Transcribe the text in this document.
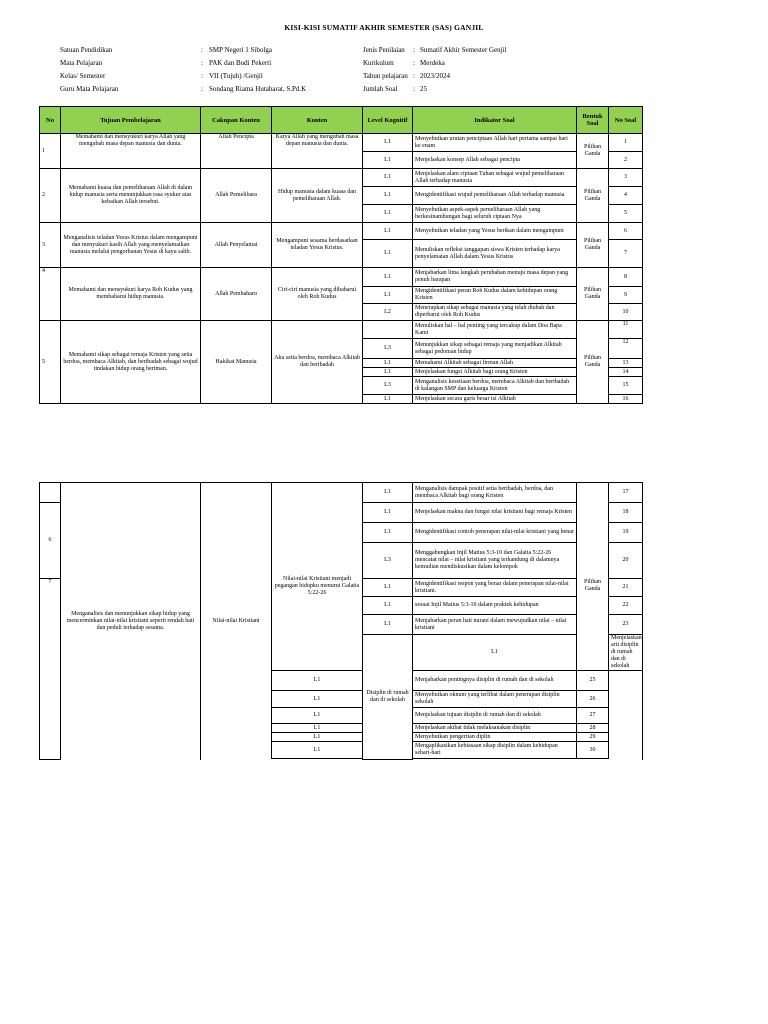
KISI-KISI SUMATIF AKHIR SEMESTER (SAS) GANJIL
Satuan Pendidikan	: SMP Negeri 1 Sibolga
Mata Pelajaran	: PAK dan Budi Pekerti
Kelas/ Semester	: VII (Tujuh) /Genjil
Guru Mata Pelajaran	: Sondang Riama Hutabarat, S.Pd.K
Jenis Penilaian : Sumatif Akhir Semester Genjil
Kurikulum	: Merdeka
Tahun pelajaran : 2023/2024
Jumlah Soal : 25
No	Tujuan Pembelajaran	Cakupan Konten	Konten	Level Kognitif	Indikator Soal	Bentuk Soal	No Soal
1	Memahami dan mensyukuri karya Allah yang mengubah masa depan manusia dan dunia.	Allah Pencipta	Karya Allah yang mengubah masa depan manusia dan dunia.	L1	Menyebutkan urutan penciptaan Allah hari pertama sampai hari ke enam	Pilihan Ganda	1
				L1	Menjelaskan konsep Allah sebagai pencipta		2
2	Memahami kuasa dan pemeliharaan Allah di dalam hidup manusia serta menunjukkan rasa syukur atas kebaikan Allah tersebut.	Allah Pemelihara	Hidup manusia dalam kuasa dan pemeliharaan Allah.	L1	Menjelaskan alam ciptaan Tuhan sebagai wujud pemeliharaan Allah terhadap manusia	Pilihan Ganda	3
				L1	Mengidentifikasi wujud pemeliharaan Allah terhadap manusia		4
				L1	Menyebutkan aspek-aspek pemeliharaan Allah yang berkesinambungan bagi seluruh ciptaan Nya		5
3	Menganalisis teladan Yesus Kristus dalam mengampuni dan menyukuri kasih Allah yang menyelamatkan manusia melalui pengorbanan Yesus di kayu salib.	Allah Penyelamat	Mengampuni sesama berdasarkan teladan Yesus Kristus.	L1	Menyebutkan teladan yang Yesus berikan dalam mengampuni	Pilihan Ganda	6
				L1	Menuliskan refleksi tanggapan siswa Kristen terhadap karya penyelamatan Allah dalam Yesus Kristus		7
4	Memahami dan mensyukuri karya Roh Kudus yang membaharui hidup manusia.	Allah Pembaharu	Ciri-ciri manusia yang dibaharui oleh Roh Kudus	L1	Menjabarkan lima langkah perubahan menuju masa depan yang penuh harapan	Pilihan Ganda	8
				L1	Mengidentifikasi peran Roh Kudus dalam kehidupan orang Kristen		9
				L2	Menerapkan sikap sebagai manusia yang telah diubah dan diperbarui oleh Roh Kudus		10
5	Memahami sikap sebagai remaja Kristen yang setia berdoa, membaca Alkitab, dan beribadah sebagai wujud tindakan hidup orang beriman.	Hakikat Manusia	Aku setia berdoa, membaca Alkitab dan beribadah		Menuliskan hal – hal penting yang tercakup dalam Doa Bapa Kami	Pilihan Ganda	11
				L3	Menunjukkan sikap sebagai remaja yang menjadikan Alkitab sebagai pedoman hidup		12
				L1	Memahami Alkitab sebagai firman Allah		13
				L1	Menjelaskan fungsi Alkitab bagi orang Kristen		14
				L3	Menganalisis kesetiaan berdoa, membaca Alkitab dan beribadah di kalangan SMP dan keluarga Kristen		15
				L1	Menjelaskan secara garis besar isi Alkitab		16
	Menganalisis dan menunjukkan sikap hidup yang mencerminkan nilai-nilai kristiani seperti rendah hati dan peduli terhadap sesama.	Nilai-nilai Kristiani		L1	Menganalisis dampak positif setia beribadah, berdoa, dan membaca Alkitab bagi orang Kristen		17	
6			Nilai-nilai Kristiani menjadi pegangan hidupku menurut Galatia 5:22-26	L1	Menjelaskan makna dan fungsi nilai kristiani bagi remaja Kristen	Pilihan Ganda	18	
				L1	Mengidentifikasi contoh penerapan nilai-nilai kristiani yang benar		19	
				L3	Menggabungkan Injil Matius 5:3-10 dan Galatia 5:22-26 mencatat nilai – nilai kristiani yang terkandung di dalamnya kemudian mendiskusikan dalam kelompok		20	
7				L1	Mengidentifikasi respon yang benar dalam penerapan nilai-nilai kristiani.		21	
				L1	sesuai Injil Matius 5:3-10 dalam praktek kehidupan		22	
				L1	Menjabarkan peran hati nurani dalam mewujudkan nilai – nilai kristiani		23	
				Disiplin di rumah dan di sekolah	L1		Menjelaskan arti disiplin di rumah dan di sekolah		
			L1		Menjabarkan pentingnya disiplin di rumah dan di sekolah	25		
			L1		Menyebutkan oknum yang terlibat dalam penerapan disiplin sekolah	26		
			L1		Menjelaskan tujuan disiplin di rumah dan di sekolah	27		
			L1		Menjelaskan akibat tidak melaksanakan disiplin	28		
			L1		Menyebutkan pengertian diplin	29		
			L1		Mengaplikasikan kebiasaan sikap disiplin dalam kehidupan sehari-hari	30		
